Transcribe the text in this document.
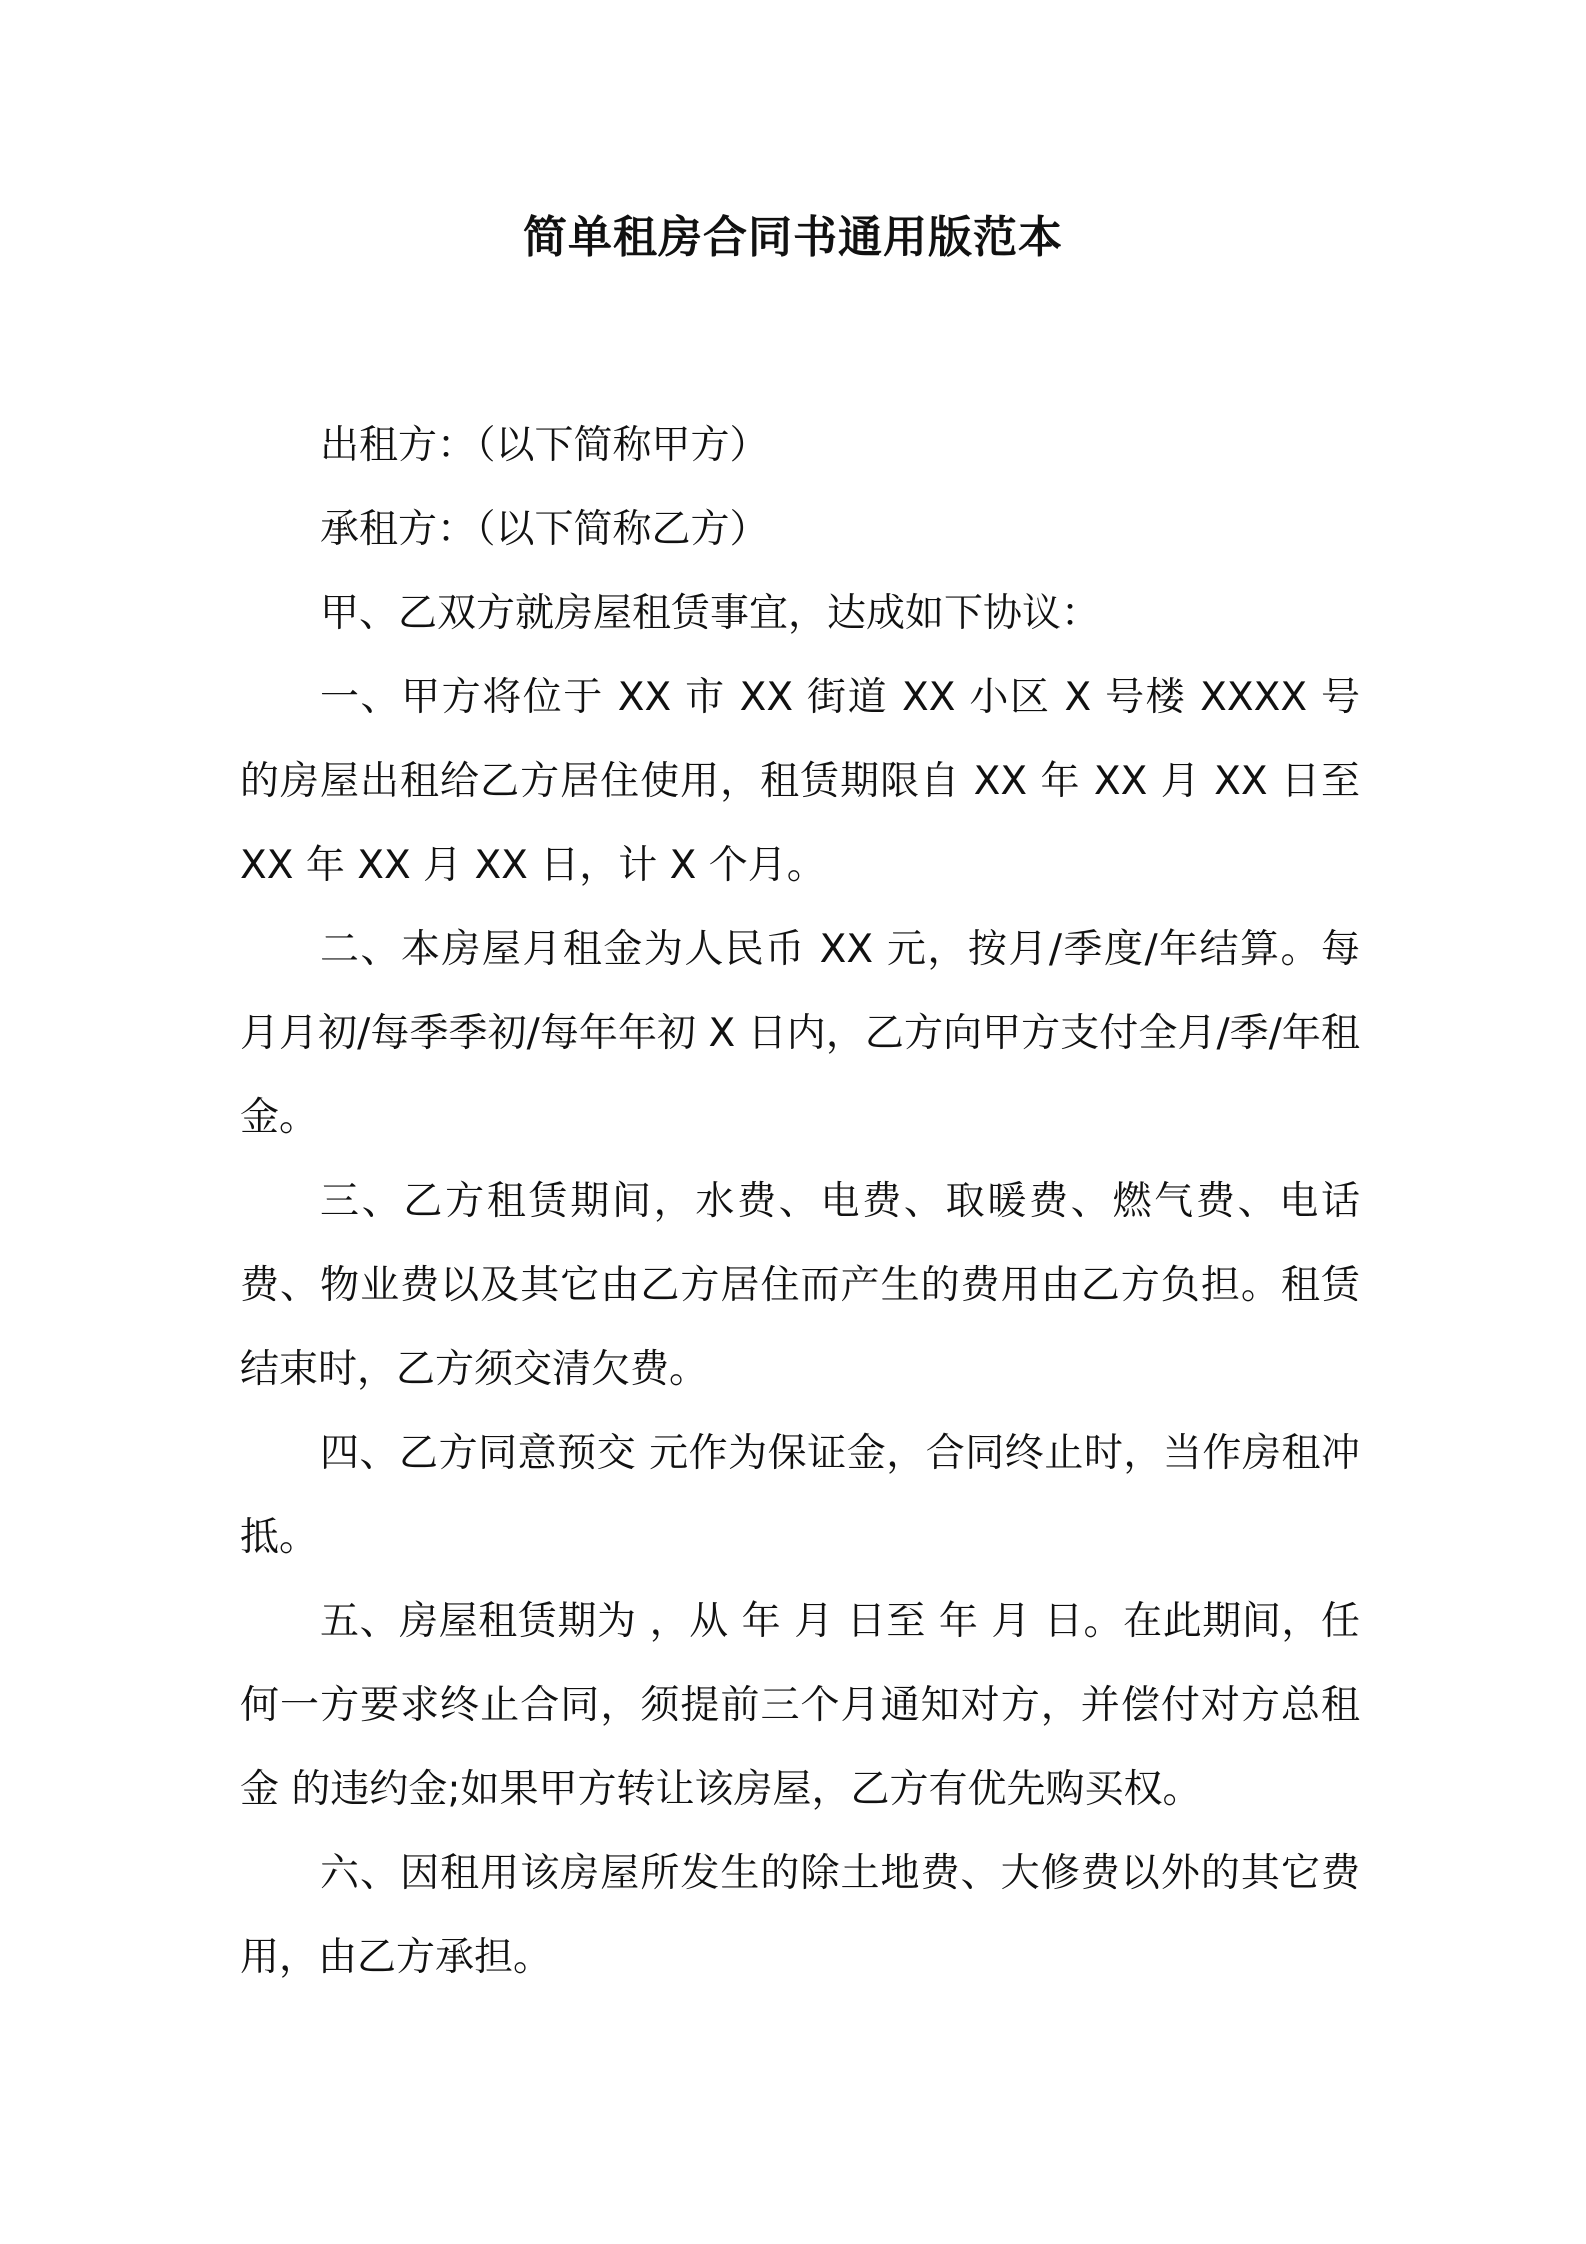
简单租房合同书通用版范本

出租方：（以下简称甲方）

承租方：（以下简称乙方）

甲、乙双方就房屋租赁事宜，达成如下协议：

一、甲方将位于 XX 市 XX 街道 XX 小区 X 号楼 XXXX 号的房屋出租给乙方居住使用，租赁期限自 XX 年 XX 月 XX 日至 XX 年 XX 月 XX 日，计 X 个月。

二、本房屋月租金为人民币 XX 元，按月/季度/年结算。每月月初/每季季初/每年年初 X 日内，乙方向甲方支付全月/季/年租金。

三、乙方租赁期间，水费、电费、取暖费、燃气费、电话费、物业费以及其它由乙方居住而产生的费用由乙方负担。租赁结束时，乙方须交清欠费。

四、乙方同意预交 元作为保证金，合同终止时，当作房租冲抵。

五、房屋租赁期为 ，从 年 月 日至 年 月 日。在此期间，任何一方要求终止合同，须提前三个月通知对方，并偿付对方总租金 的违约金;如果甲方转让该房屋，乙方有优先购买权。

六、因租用该房屋所发生的除土地费、大修费以外的其它费用，由乙方承担。
